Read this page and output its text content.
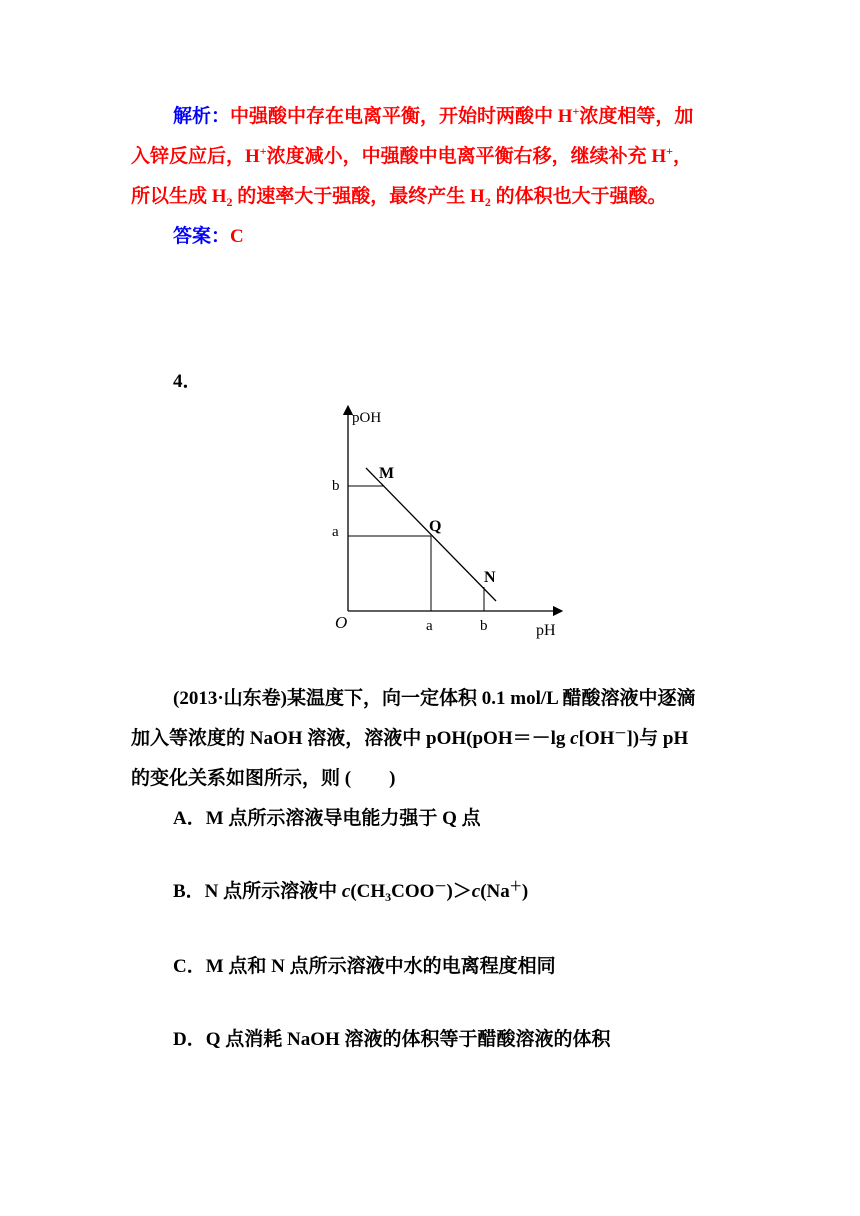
解析：中强酸中存在电离平衡，开始时两酸中 H+浓度相等，加
入锌反应后，H+浓度减小，中强酸中电离平衡右移，继续补充 H+，
所以生成 $H_2$ 的速率大于强酸，最终产生 $H_2$ 的体积也大于强酸。
答案：C
4．
pOH
pH
O
b
a
a	b
M
Q
N
(2013·山东卷)某温度下，向一定体积 0.1 mol/L 醋酸溶液中逐滴
加入等浓度的 NaOH 溶液，溶液中 pOH(pOH＝－lg c[OH－])与 pH
的变化关系如图所示，则 (　　)
A．M 点所示溶液导电能力强于 Q 点
B．N 点所示溶液中 $c(CH_3COO^-)>c(Na^+)$
C．M 点和 N 点所示溶液中水的电离程度相同
D．Q 点消耗 NaOH 溶液的体积等于醋酸溶液的体积
